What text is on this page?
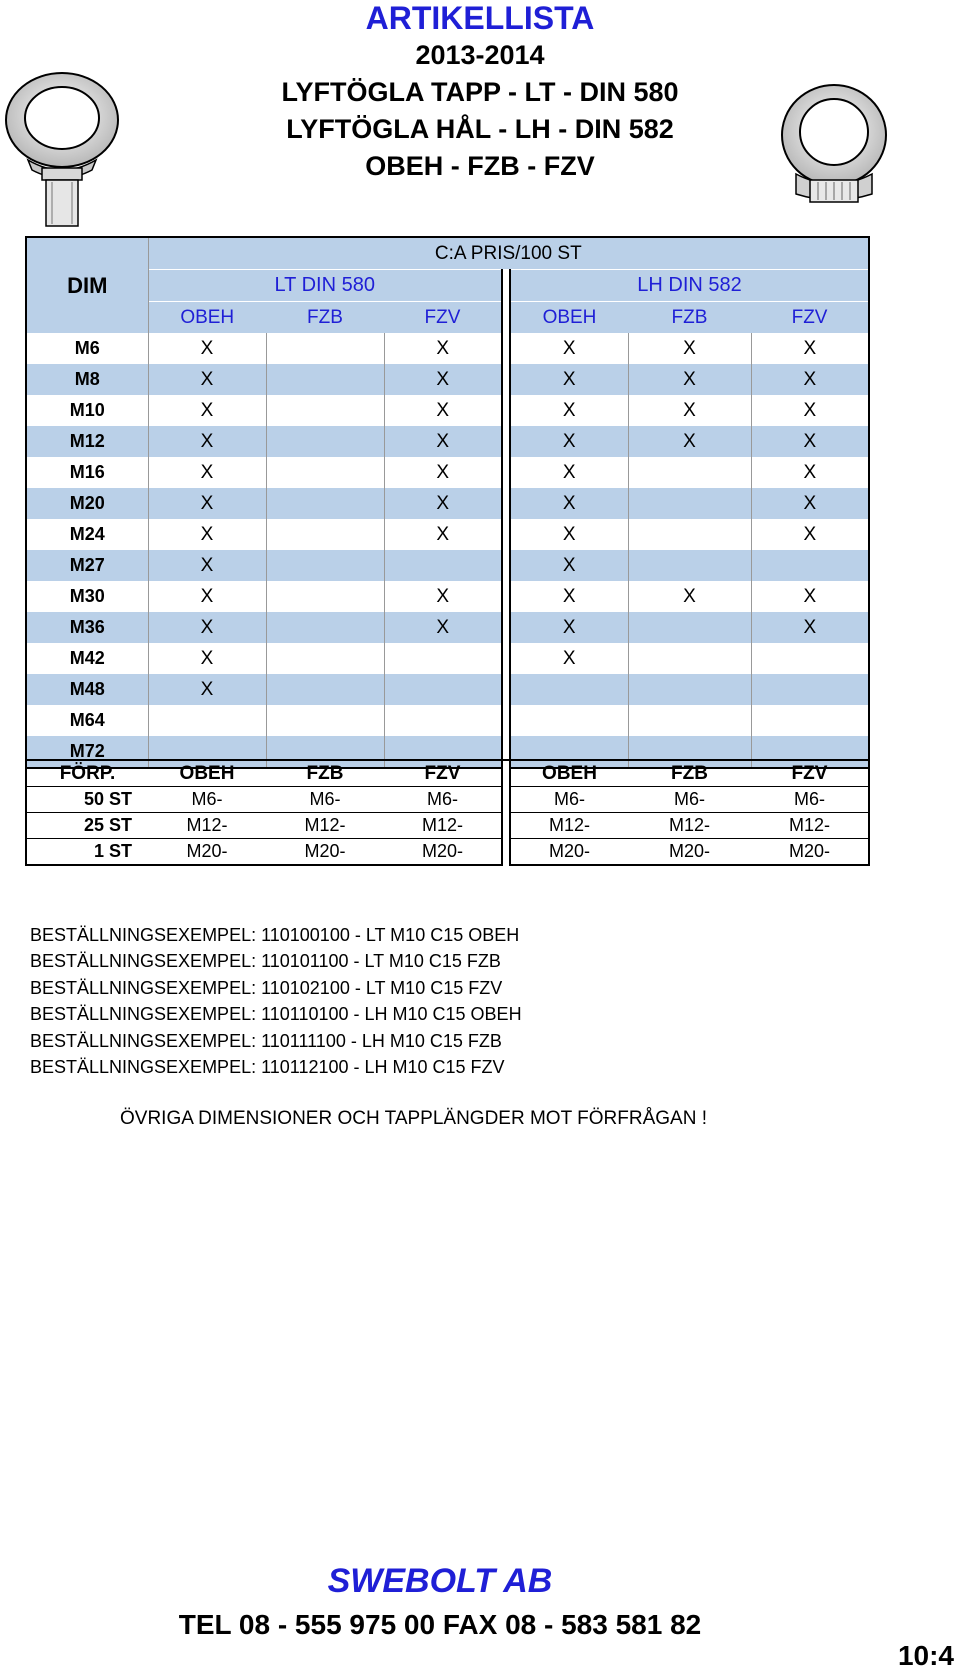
ARTIKELLISTA
2013-2014
LYFTÖGLA TAPP - LT - DIN 580
LYFTÖGLA HÅL - LH - DIN 582
OBEH - FZB - FZV
DIM	C:A PRIS/100 ST						
	LT DIN 580				LH DIN 582		
	OBEH	FZB	FZV		OBEH	FZB	FZV
M6	X		X		X	X	X
M8	X		X		X	X	X
M10	X		X		X	X	X
M12	X		X		X	X	X
M16	X		X		X		X
M20	X		X		X		X
M24	X		X		X		X
M27	X				X		
M30	X		X		X	X	X
M36	X		X		X		X
M42	X				X		
M48	X						
M64							
M72							
FÖRP.	OBEH	FZB	FZV		OBEH	FZB	FZV
50 ST	M6-	M6-	M6-		M6-	M6-	M6-
25 ST	M12-	M12-	M12-		M12-	M12-	M12-
1 ST	M20-	M20-	M20-		M20-	M20-	M20-
BESTÄLLNINGSEXEMPEL: 110100100 - LT M10 C15 OBEH
BESTÄLLNINGSEXEMPEL: 110101100 - LT M10 C15 FZB
BESTÄLLNINGSEXEMPEL: 110102100 - LT M10 C15 FZV
BESTÄLLNINGSEXEMPEL: 110110100 - LH M10 C15 OBEH
BESTÄLLNINGSEXEMPEL: 110111100 - LH M10 C15 FZB
BESTÄLLNINGSEXEMPEL: 110112100 - LH M10 C15 FZV
ÖVRIGA DIMENSIONER OCH TAPPLÄNGDER MOT FÖRFRÅGAN !
SWEBOLT AB
TEL 08 - 555 975 00 FAX 08 - 583 581 82
10:4
